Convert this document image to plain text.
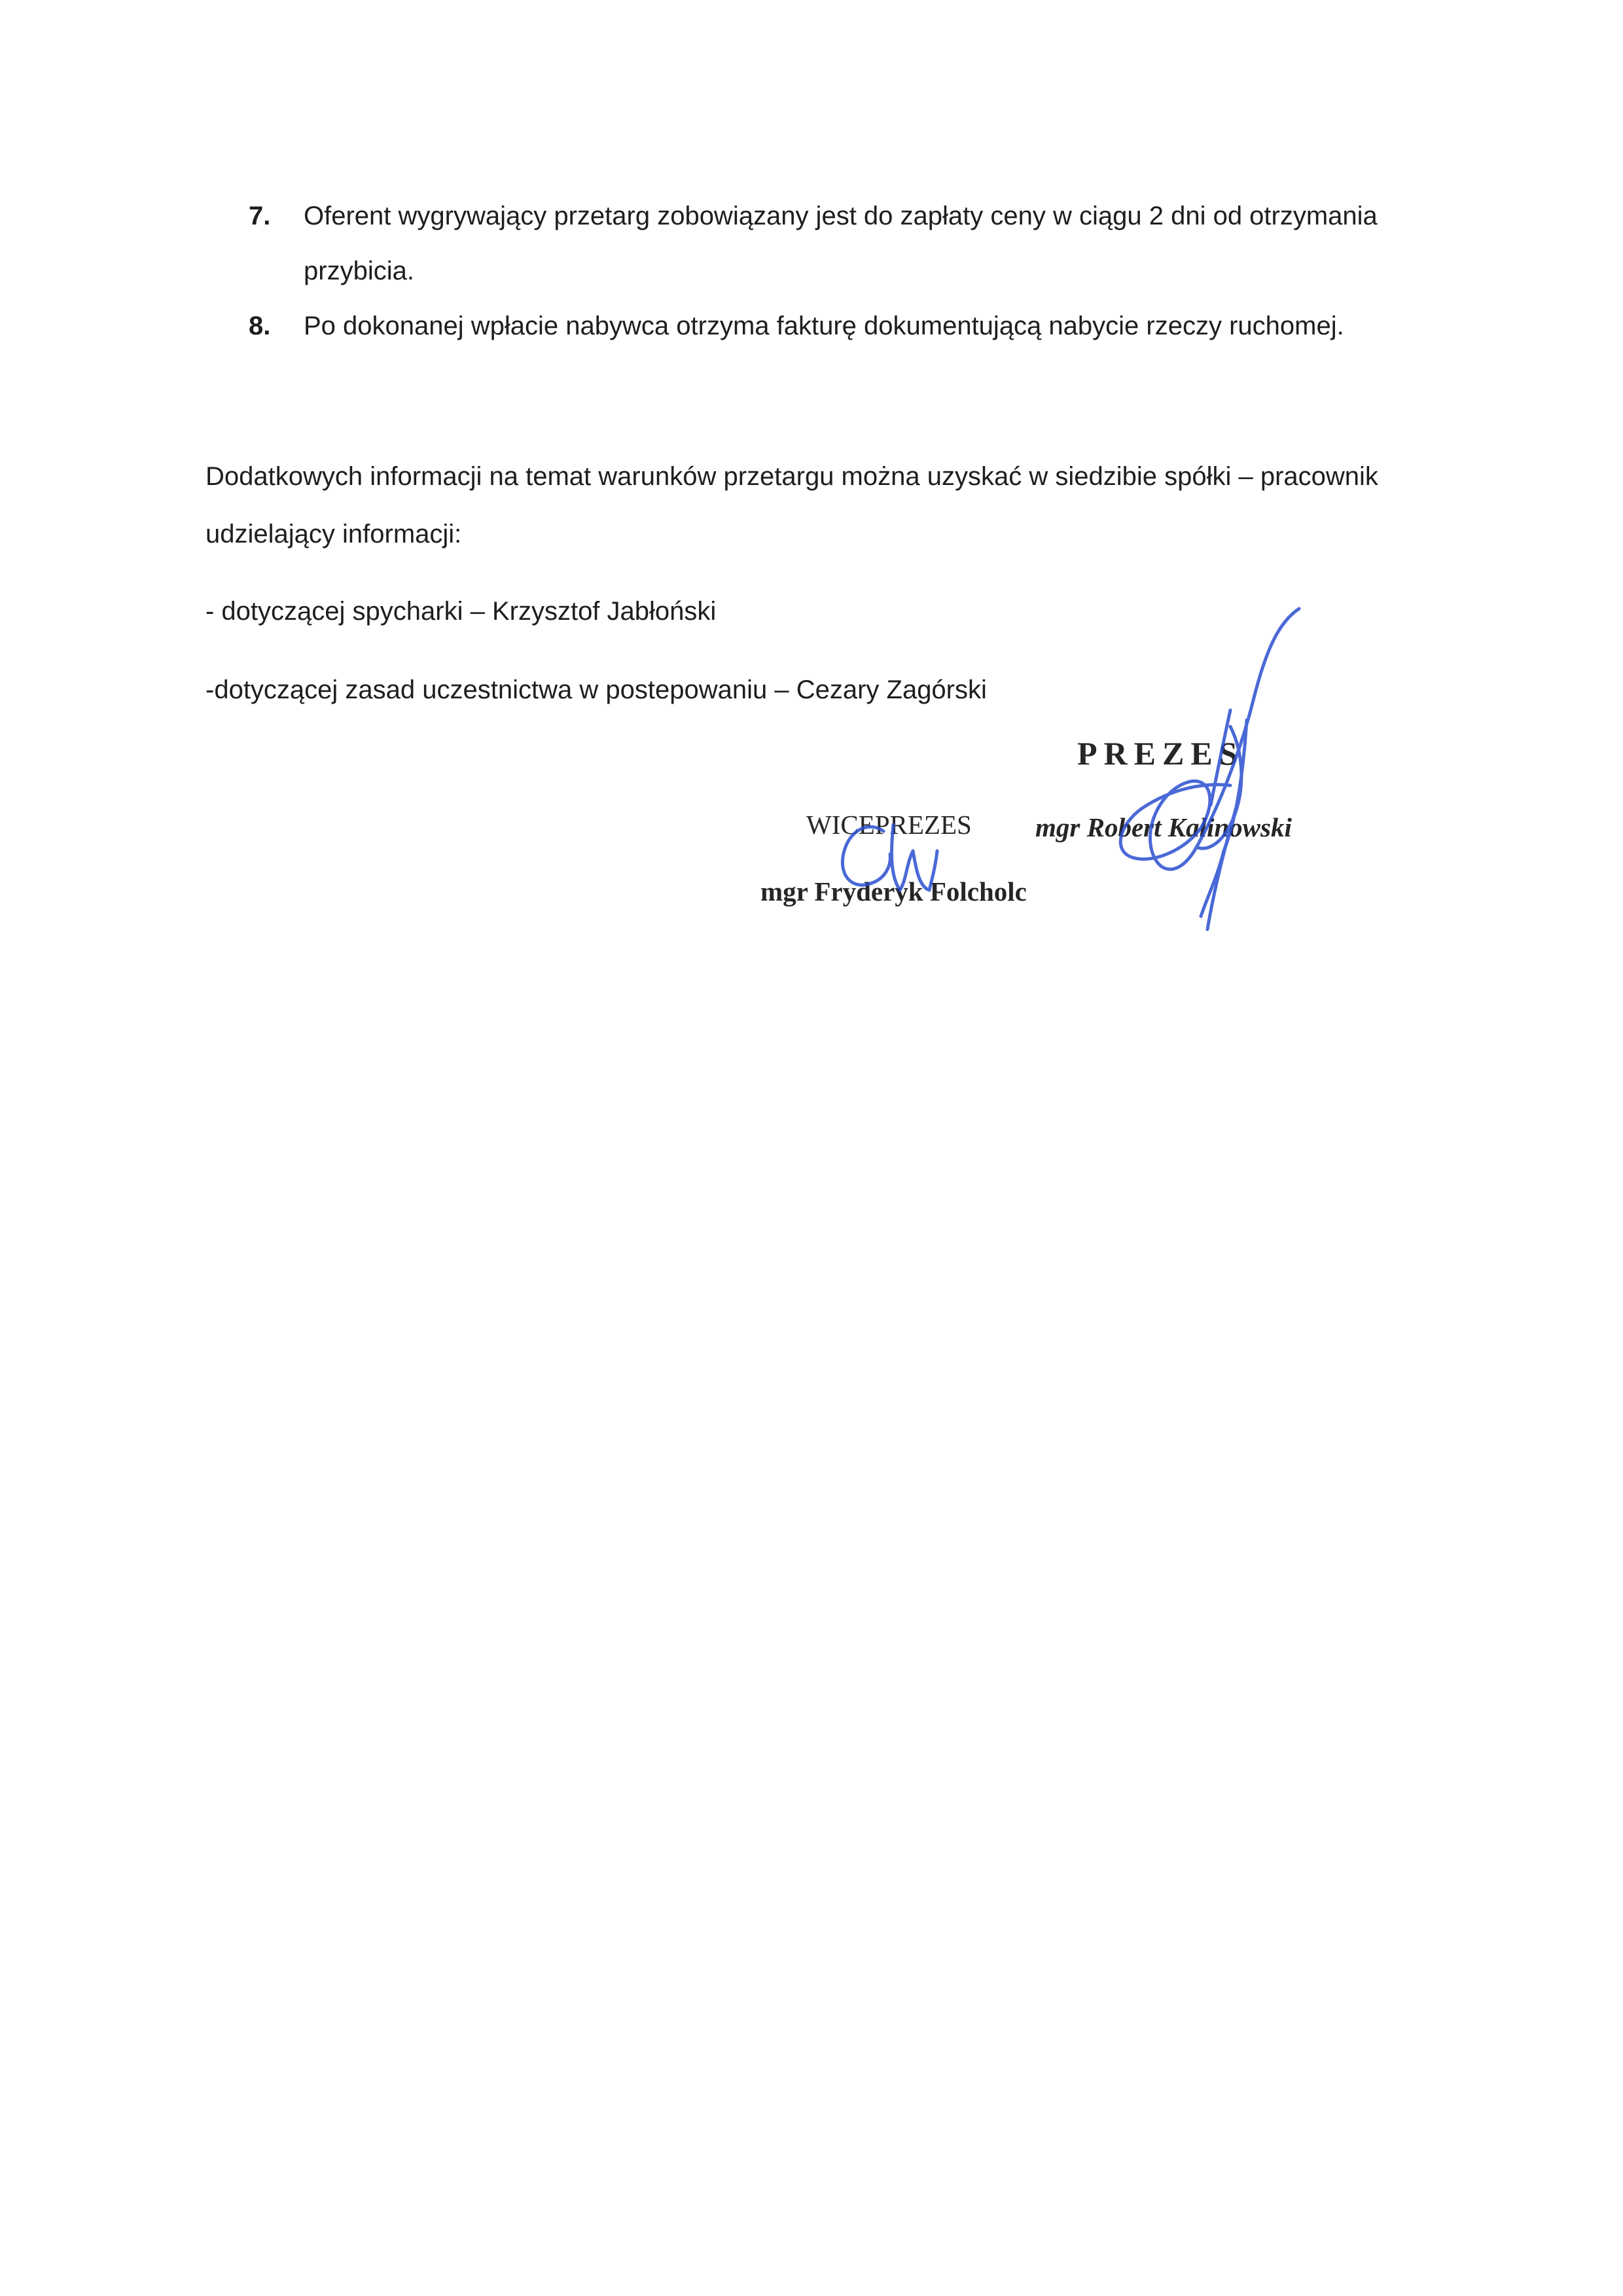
7.	Oferent wygrywający przetarg zobowiązany jest do zapłaty ceny w ciągu 2 dni od otrzymania przybicia.
8.	Po dokonanej wpłacie nabywca otrzyma fakturę dokumentującą nabycie rzeczy ruchomej.
Dodatkowych informacji na temat warunków przetargu można uzyskać w siedzibie spółki – pracownik udzielający informacji:
- dotyczącej spycharki – Krzysztof Jabłoński
-dotyczącej zasad uczestnictwa w postepowaniu – Cezary Zagórski
WICEPREZES
mgr Fryderyk Folcholc
PREZES
mgr Robert Kalinowski
